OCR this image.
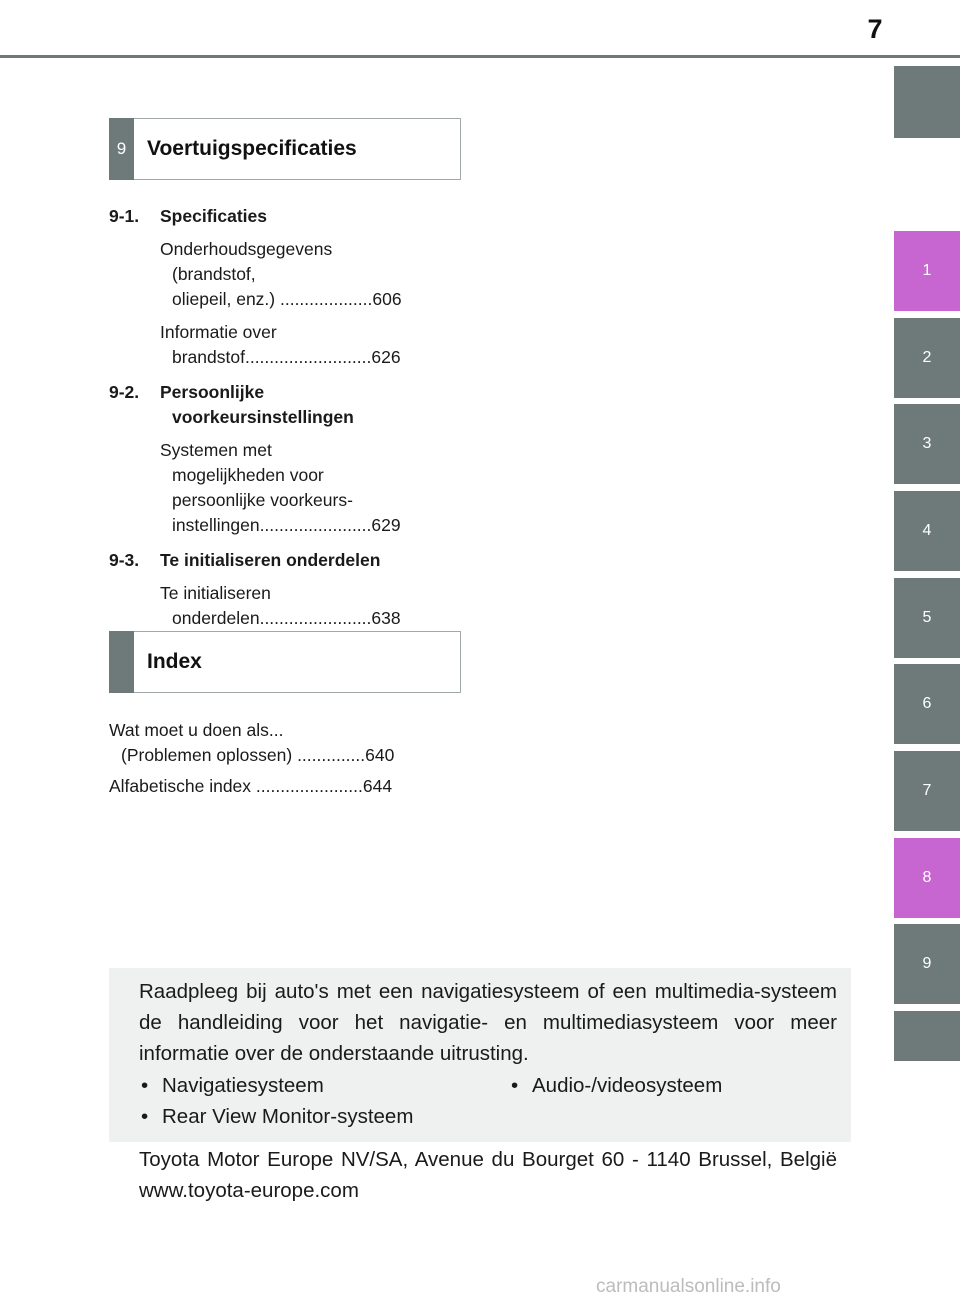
7
1
2
3
4
5
6
7
8
9
9 Voertuigspecificaties
9-1. Specificaties
Onderhoudsgegevens
(brandstof,
oliepeil, enz.) ...................606
Informatie over
brandstof..........................626
9-2. Persoonlijke

voorkeursinstellingen
Systemen met
mogelijkheden voor
persoonlijke voorkeurs-
instellingen.......................629
9-3. Te initialiseren onderdelen
Te initialiseren
onderdelen.......................638
Index
Wat moet u doen als...
(Problemen oplossen) ..............640
Alfabetische index ......................644
Raadpleeg bij auto's met een navigatiesysteem of een multimedia-systeem de handleiding voor het navigatie- en multimediasysteem voor meer informatie over de onderstaande uitrusting.
• Navigatiesysteem
• Rear View Monitor-systeem
• Audio-/videosysteem
Toyota Motor Europe NV/SA, Avenue du Bourget 60 - 1140 Brussel, België www.toyota-europe.com
carmanualsonline.info
